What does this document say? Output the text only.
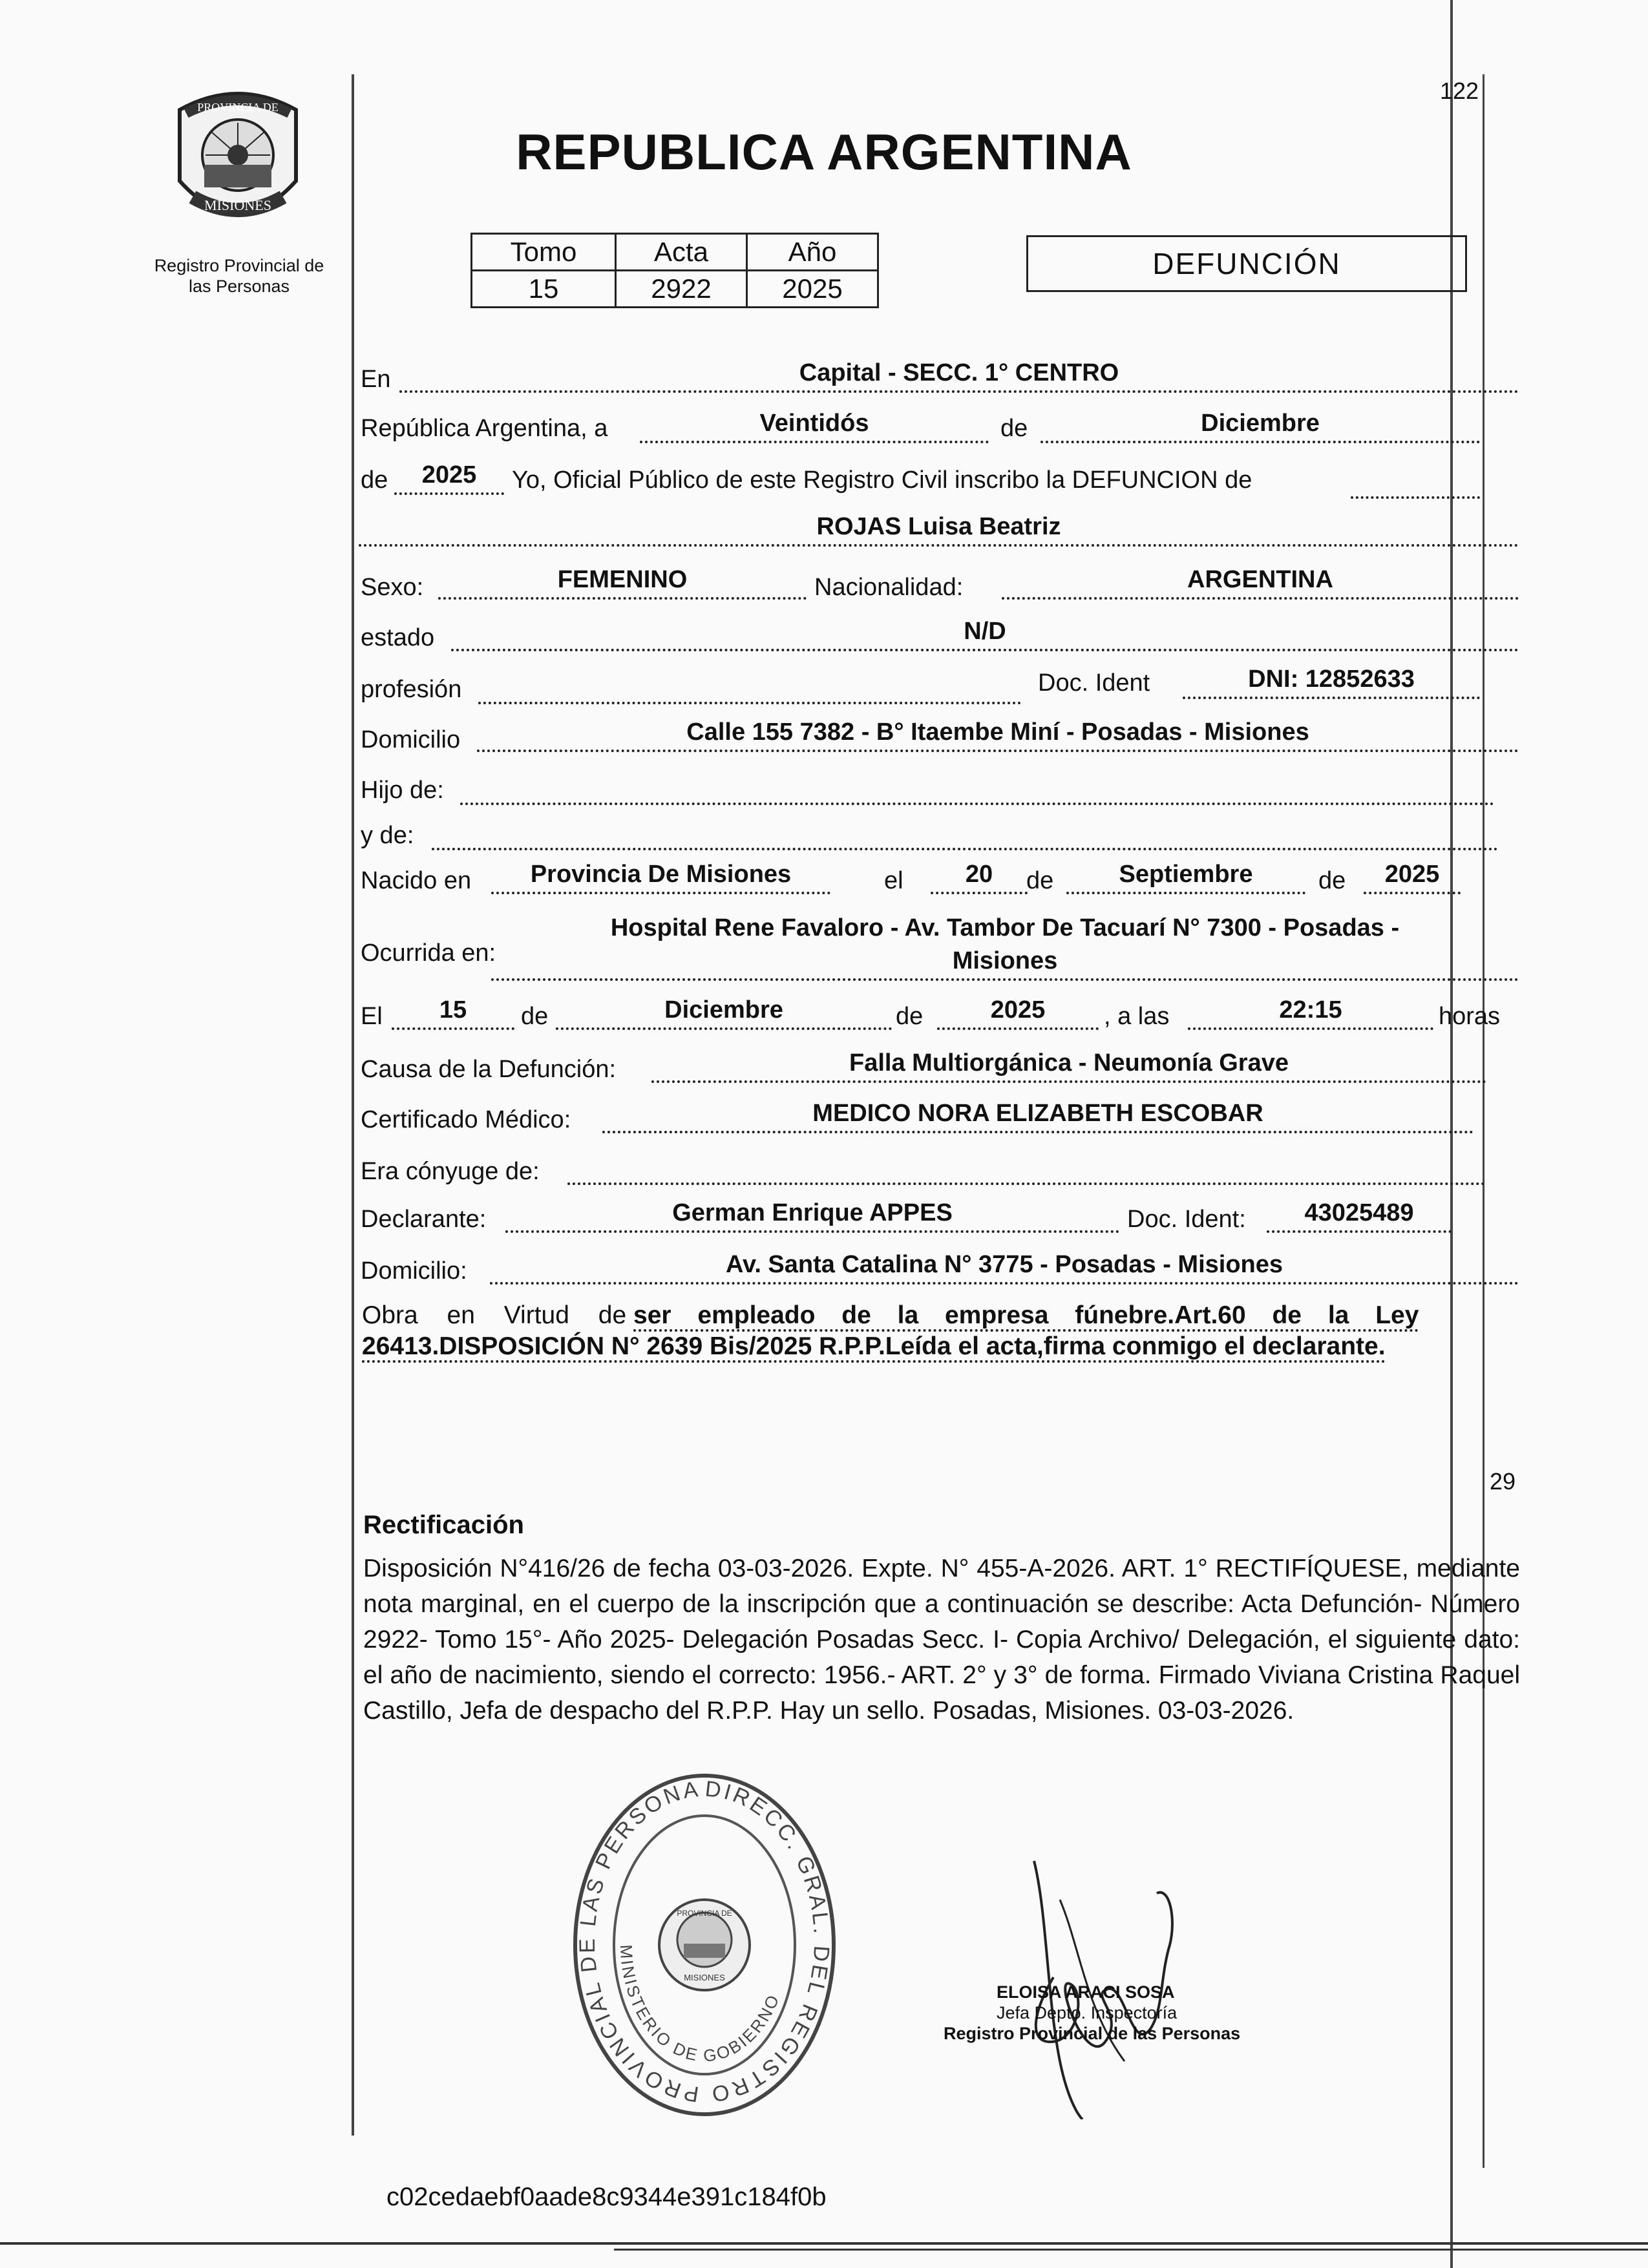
122
PROVINCIA DE
MISIONES
Registro Provincial de
las Personas
REPUBLICA ARGENTINA
Tomo	Acta	Año
15	2922	2025
DEFUNCIÓN
En	Capital - SECC. 1° CENTRO
República Argentina, a	Veintidós	de	Diciembre
de	2025	Yo, Oficial Público de este Registro Civil inscribo la DEFUNCION de
ROJAS Luisa Beatriz
Sexo:	FEMENINO	Nacionalidad:	ARGENTINA
estado	N/D
profesión	Doc. Ident	DNI: 12852633
Domicilio	Calle 155 7382 - B° Itaembe Miní - Posadas - Misiones
Hijo de:
y de:
Nacido en	Provincia De Misiones	el	20	de	Septiembre	de	2025
Ocurrida en:
Hospital Rene Favaloro - Av. Tambor De Tacuarí N° 7300 - Posadas -
Misiones
El	15	de	Diciembre	de	2025	, a las	22:15	horas
Causa de la Defunción:	Falla Multiorgánica - Neumonía Grave
Certificado Médico:	MEDICO NORA ELIZABETH ESCOBAR
Era cónyuge de:
Declarante:	German Enrique APPES	Doc. Ident:	43025489
Domicilio:	Av. Santa Catalina N° 3775 - Posadas - Misiones
Obra en Virtud de ser empleado de la empresa fúnebre.Art.60 de la Ley
26413.DISPOSICIÓN N° 2639 Bis/2025 R.P.P.Leída el acta,firma conmigo el declarante.
29
Rectificación
Disposición N°416/26 de fecha 03-03-2026. Expte. N° 455-A-2026. ART. 1° RECTIFÍQUESE, mediante nota marginal, en el cuerpo de la inscripción que a continuación se describe: Acta Defunción- Número 2922- Tomo 15°- Año 2025- Delegación Posadas Secc. I- Copia Archivo/ Delegación, el siguiente dato: el año de nacimiento, siendo el correcto: 1956.- ART. 2° y 3° de forma. Firmado Viviana Cristina Raquel Castillo, Jefa de despacho del R.P.P. Hay un sello. Posadas, Misiones. 03-03-2026.
DIRECC. GRAL. DEL REGISTRO PROVINCIAL DE LAS PERSONA
MINISTERIO DE GOBIERNO
PROVINCIA DE
MISIONES
ELOISA ARACI SOSA
Jefa Depto. Inspectoría
Registro Provincial de las Personas
c02cedaebf0aade8c9344e391c184f0b
